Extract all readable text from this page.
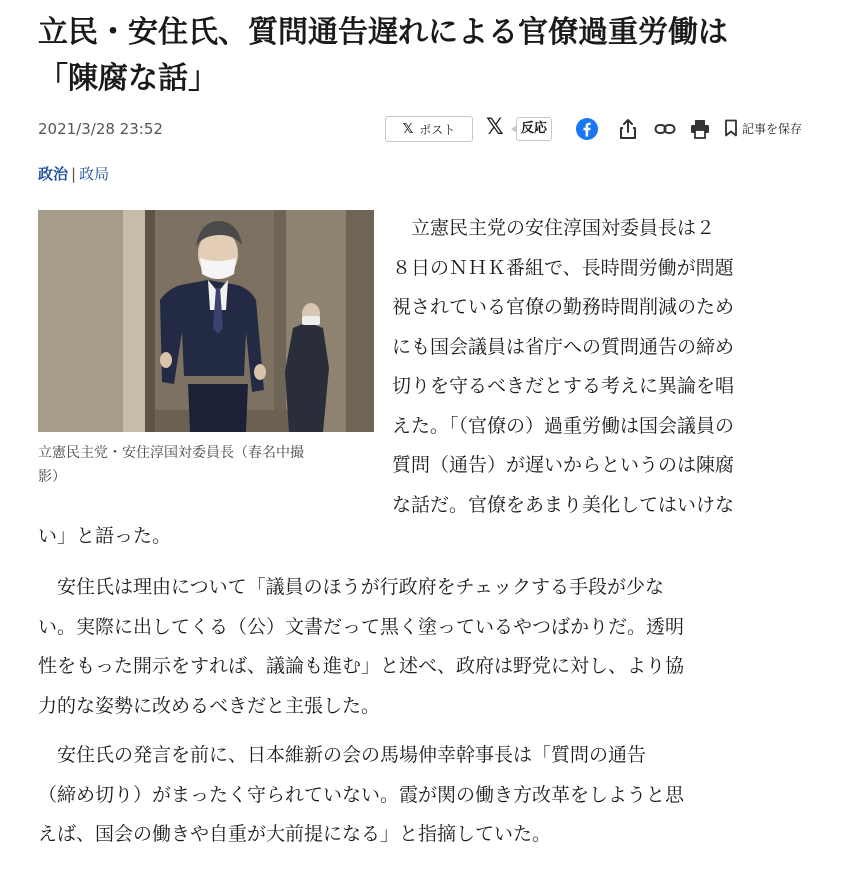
立民・安住氏、質問通告遅れによる官僚過重労働は
「陳腐な話」
2021/3/28 23:52	𝕏 ポスト 𝕏	反応	記事を保存
政治 | 政局
立憲民主党・安住淳国対委員長（春名中撮
影）
　立憲民主党の安住淳国対委員長は２
８日のＮＨＫ番組で、長時間労働が問題
視されている官僚の勤務時間削減のため
にも国会議員は省庁への質問通告の締め
切りを守るべきだとする考えに異論を唱
えた。「（官僚の）過重労働は国会議員の
質問（通告）が遅いからというのは陳腐
な話だ。官僚をあまり美化してはいけな
い」と語った。
　安住氏は理由について「議員のほうが行政府をチェックする手段が少な
い。実際に出してくる（公）文書だって黒く塗っているやつばかりだ。透明
性をもった開示をすれば、議論も進む」と述べ、政府は野党に対し、より協
力的な姿勢に改めるべきだと主張した。
　安住氏の発言を前に、日本維新の会の馬場伸幸幹事長は「質問の通告
（締め切り）がまったく守られていない。霞が関の働き方改革をしようと思
えば、国会の働きや自重が大前提になる」と指摘していた。
